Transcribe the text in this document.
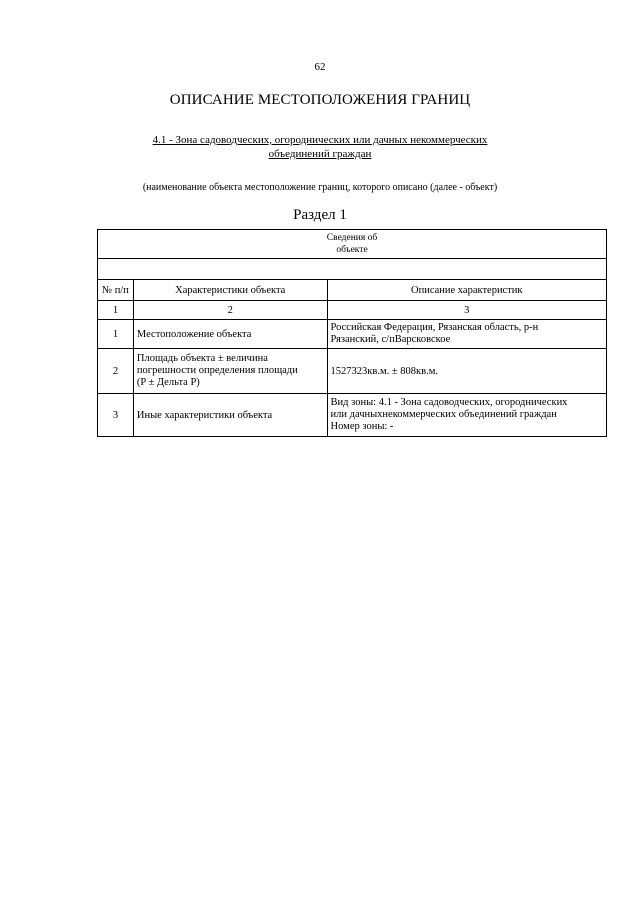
62
ОПИСАНИЕ МЕСТОПОЛОЖЕНИЯ ГРАНИЦ
4.1 - Зона садоводческих, огороднических или дачных некоммерческих
объединений граждан
(наименование объекта местоположение границ, которого описано (далее - объект)
Раздел 1
Сведения об
объекте		

№ п/п	Характеристики объекта	Описание характеристик
1	2	3
1	Местоположение объекта	Российская Федерация, Рязанская область, р-н
Рязанский, с/пВарсковское

2	Площадь объекта ± величина
погрешности определения площади
(P ± Дельта P)	1527323кв.м. ± 808кв.м.
3	Иные характеристики объекта	Вид зоны: 4.1 - Зона садоводческих, огороднических
или дачныхнекоммерческих объединений граждан
Номер зоны: -
